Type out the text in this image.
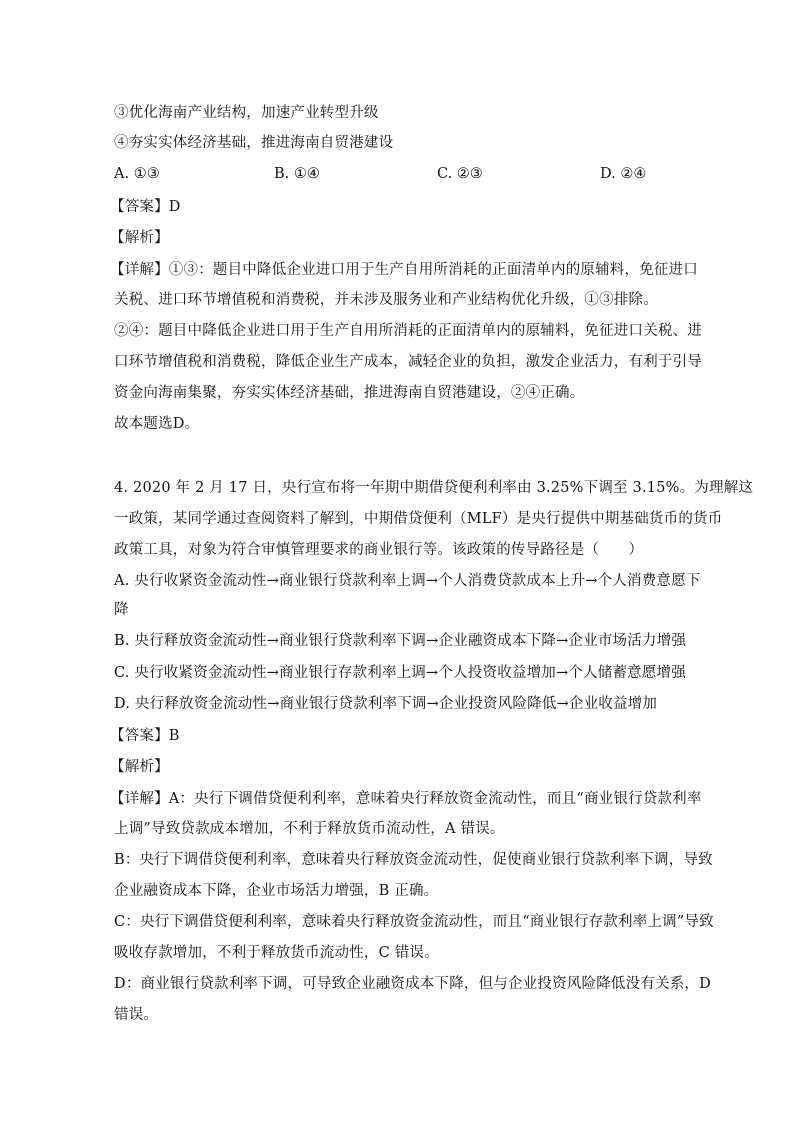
③优化海南产业结构，加速产业转型升级
④夯实实体经济基础，推进海南自贸港建设
A. ①③	B. ①④	C. ②③	D. ②④
【答案】D
【解析】
【详解】①③：题目中降低企业进口用于生产自用所消耗的正面清单内的原辅料，免征进口
关税、进口环节增值税和消费税，并未涉及服务业和产业结构优化升级，①③排除。
②④：题目中降低企业进口用于生产自用所消耗的正面清单内的原辅料，免征进口关税、进
口环节增值税和消费税，降低企业生产成本，减轻企业的负担，激发企业活力，有利于引导
资金向海南集聚，夯实实体经济基础，推进海南自贸港建设，②④正确。
故本题选D。
4. 2020 年 2 月 17 日，央行宣布将一年期中期借贷便利利率由 3.25%下调至 3.15%。为理解这
一政策，某同学通过查阅资料了解到，中期借贷便利（MLF）是央行提供中期基础货币的货币
政策工具，对象为符合审慎管理要求的商业银行等。该政策的传导路径是（　　）
A. 央行收紧资金流动性→商业银行贷款利率上调→个人消费贷款成本上升→个人消费意愿下
降
B. 央行释放资金流动性→商业银行贷款利率下调→企业融资成本下降→企业市场活力增强
C. 央行收紧资金流动性→商业银行存款利率上调→个人投资收益增加→个人储蓄意愿增强
D. 央行释放资金流动性→商业银行贷款利率下调→企业投资风险降低→企业收益增加
【答案】B
【解析】
【详解】A：央行下调借贷便利利率，意味着央行释放资金流动性，而且“商业银行贷款利率
上调”导致贷款成本增加，不利于释放货币流动性，A 错误。
B：央行下调借贷便利利率，意味着央行释放资金流动性，促使商业银行贷款利率下调，导致
企业融资成本下降，企业市场活力增强，B 正确。
C：央行下调借贷便利利率，意味着央行释放资金流动性，而且“商业银行存款利率上调”导致
吸收存款增加，不利于释放货币流动性，C 错误。
D：商业银行贷款利率下调，可导致企业融资成本下降，但与企业投资风险降低没有关系，D
错误。
